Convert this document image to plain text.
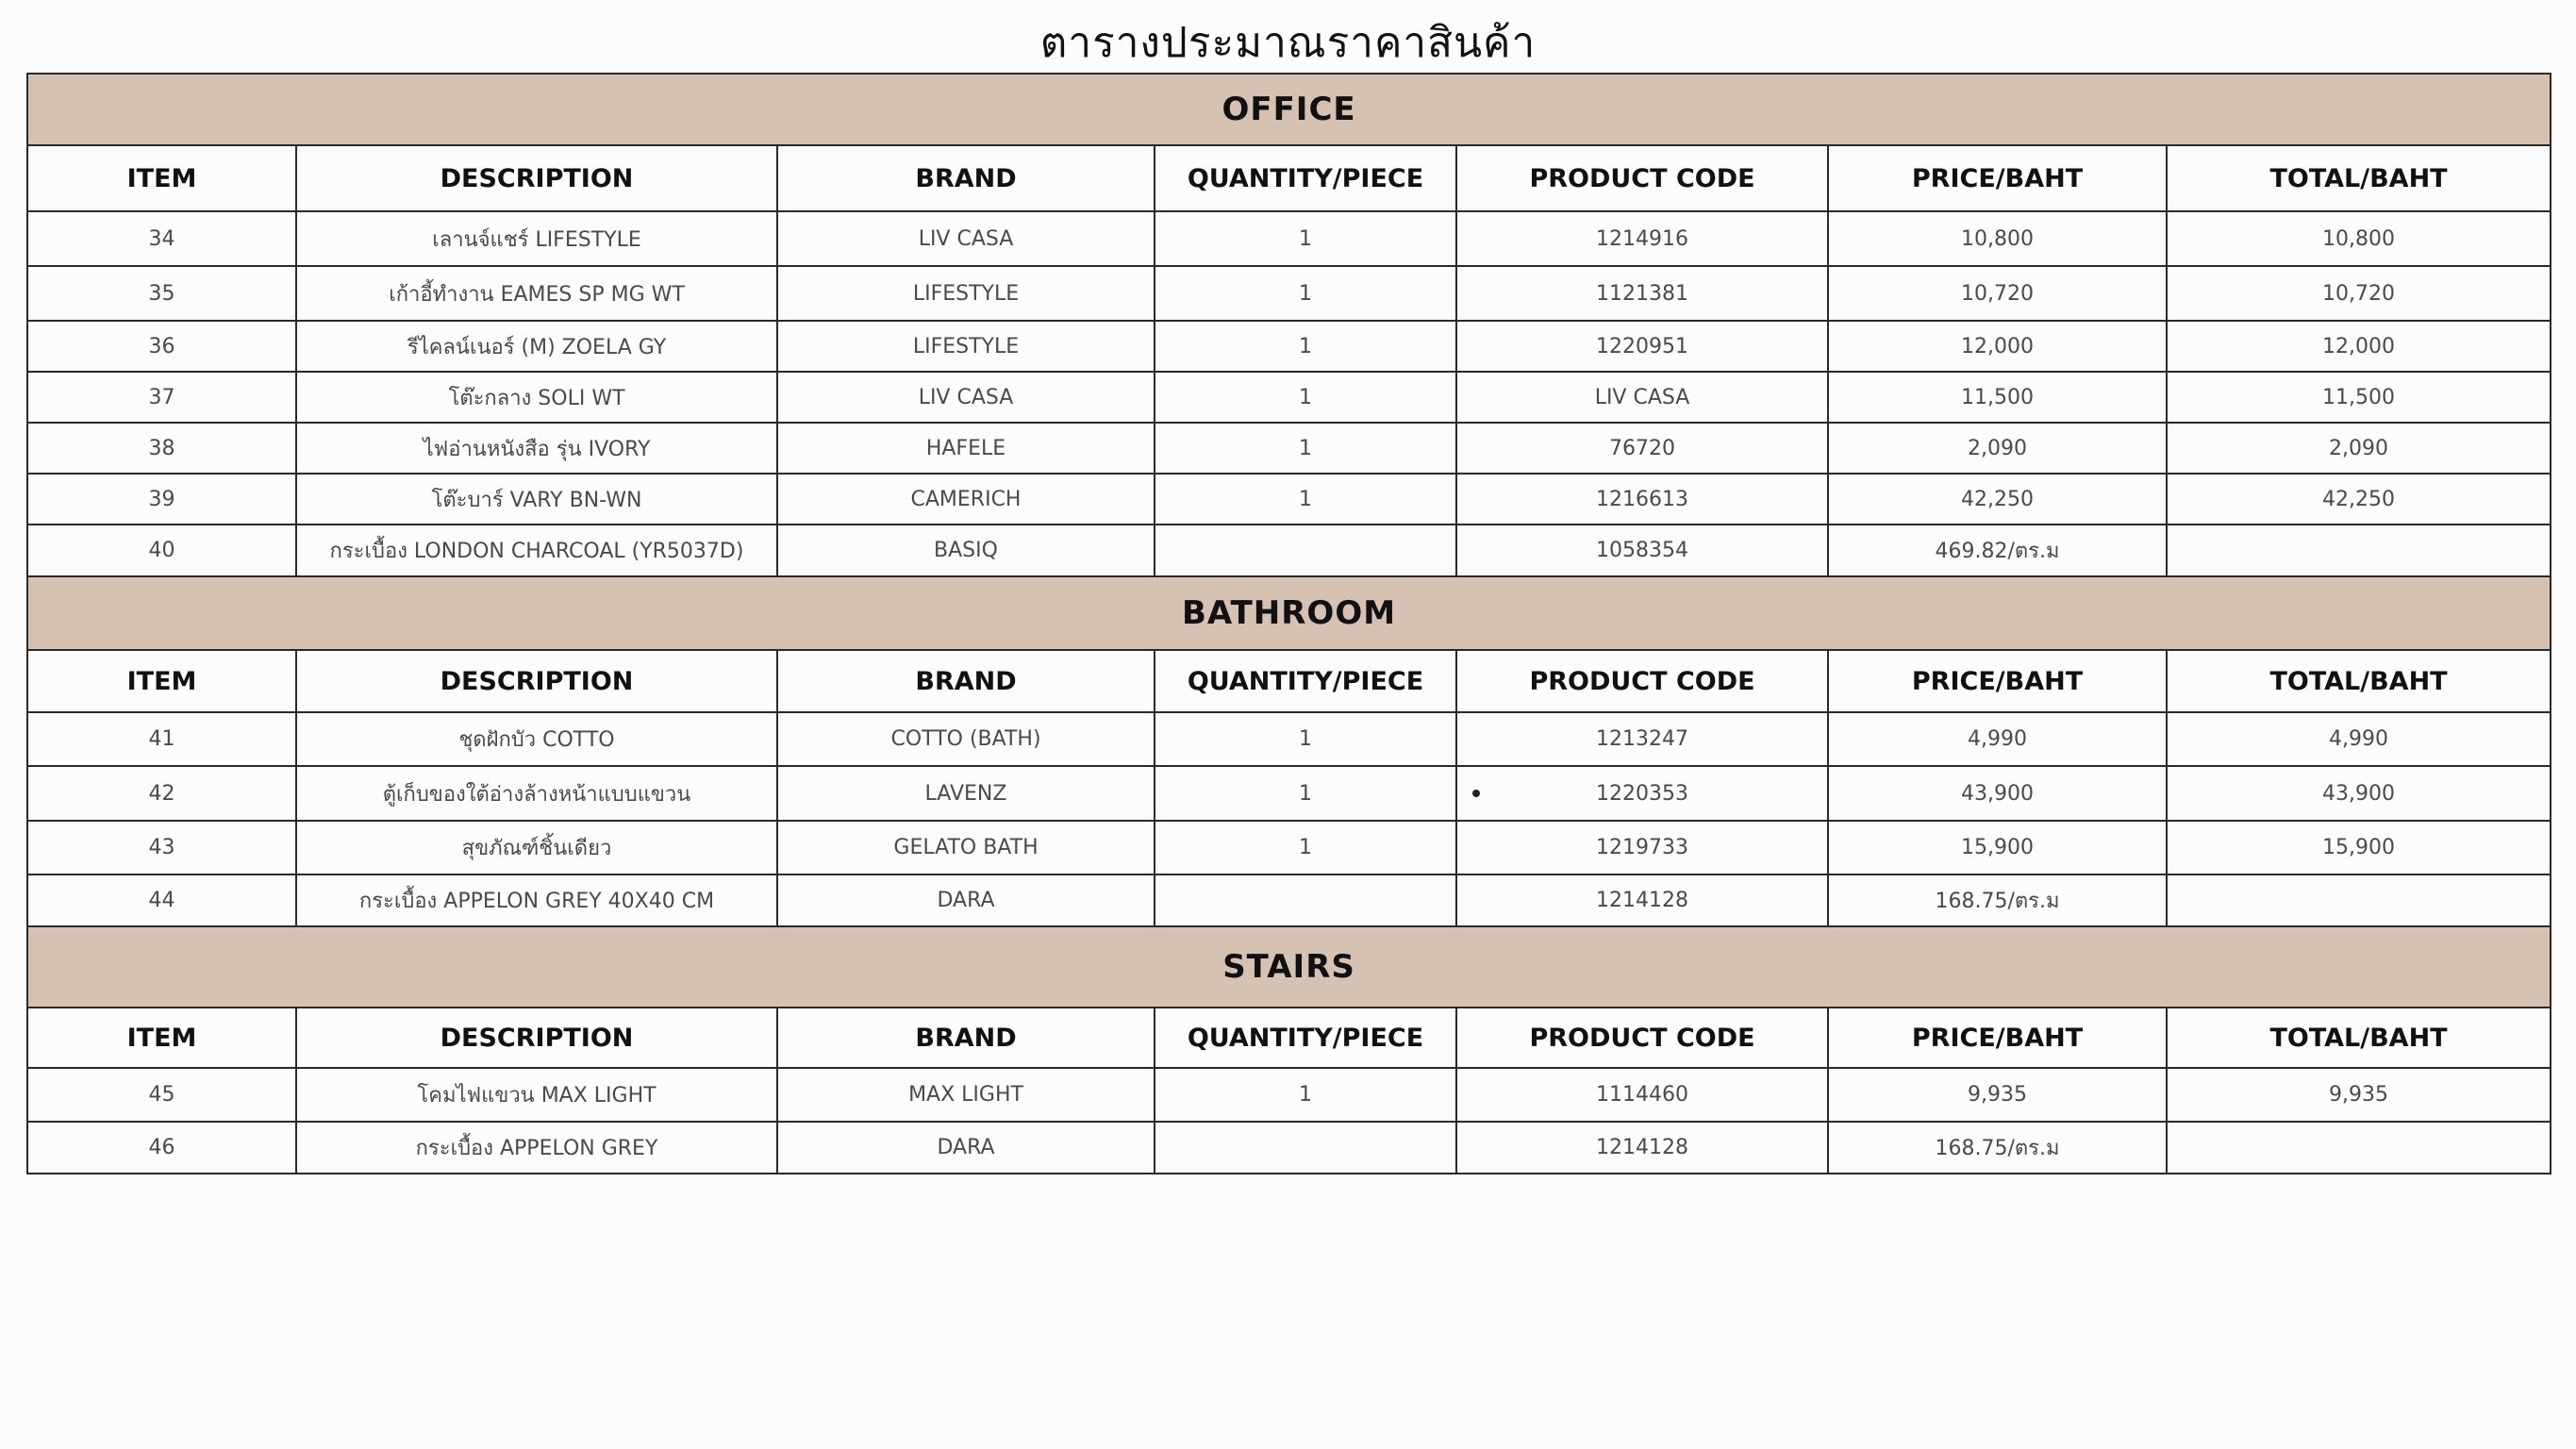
ตารางประมาณราคาสินค้า
OFFICE						
ITEM	DESCRIPTION	BRAND	QUANTITY/PIECE	PRODUCT CODE	PRICE/BAHT	TOTAL/BAHT
34	เลานจ์แชร์ LIFESTYLE	LIV CASA	1	1214916	10,800	10,800
35	เก้าอี้ทำงาน EAMES SP MG WT	LIFESTYLE	1	1121381	10,720	10,720
36	รีไคลน์เนอร์ (M) ZOELA GY	LIFESTYLE	1	1220951	12,000	12,000
37	โต๊ะกลาง SOLI WT	LIV CASA	1	LIV CASA	11,500	11,500
38	ไฟอ่านหนังสือ รุ่น IVORY	HAFELE	1	76720	2,090	2,090
39	โต๊ะบาร์ VARY BN-WN	CAMERICH	1	1216613	42,250	42,250
40	กระเบื้อง LONDON CHARCOAL (YR5037D)	BASIQ		1058354	469.82/ตร.ม	
BATHROOM						
ITEM	DESCRIPTION	BRAND	QUANTITY/PIECE	PRODUCT CODE	PRICE/BAHT	TOTAL/BAHT
41	ชุดฝักบัว COTTO	COTTO (BATH)	1	1213247	4,990	4,990
42	ตู้เก็บของใต้อ่างล้างหน้าแบบแขวน	LAVENZ	1	1220353	43,900	43,900
43	สุขภัณฑ์ชิ้นเดียว	GELATO BATH	1	1219733	15,900	15,900
44	กระเบื้อง APPELON GREY 40X40 CM	DARA		1214128	168.75/ตร.ม	
STAIRS						
ITEM	DESCRIPTION	BRAND	QUANTITY/PIECE	PRODUCT CODE	PRICE/BAHT	TOTAL/BAHT
45	โคมไฟแขวน MAX LIGHT	MAX LIGHT	1	1114460	9,935	9,935
46	กระเบื้อง APPELON GREY	DARA		1214128	168.75/ตร.ม	
